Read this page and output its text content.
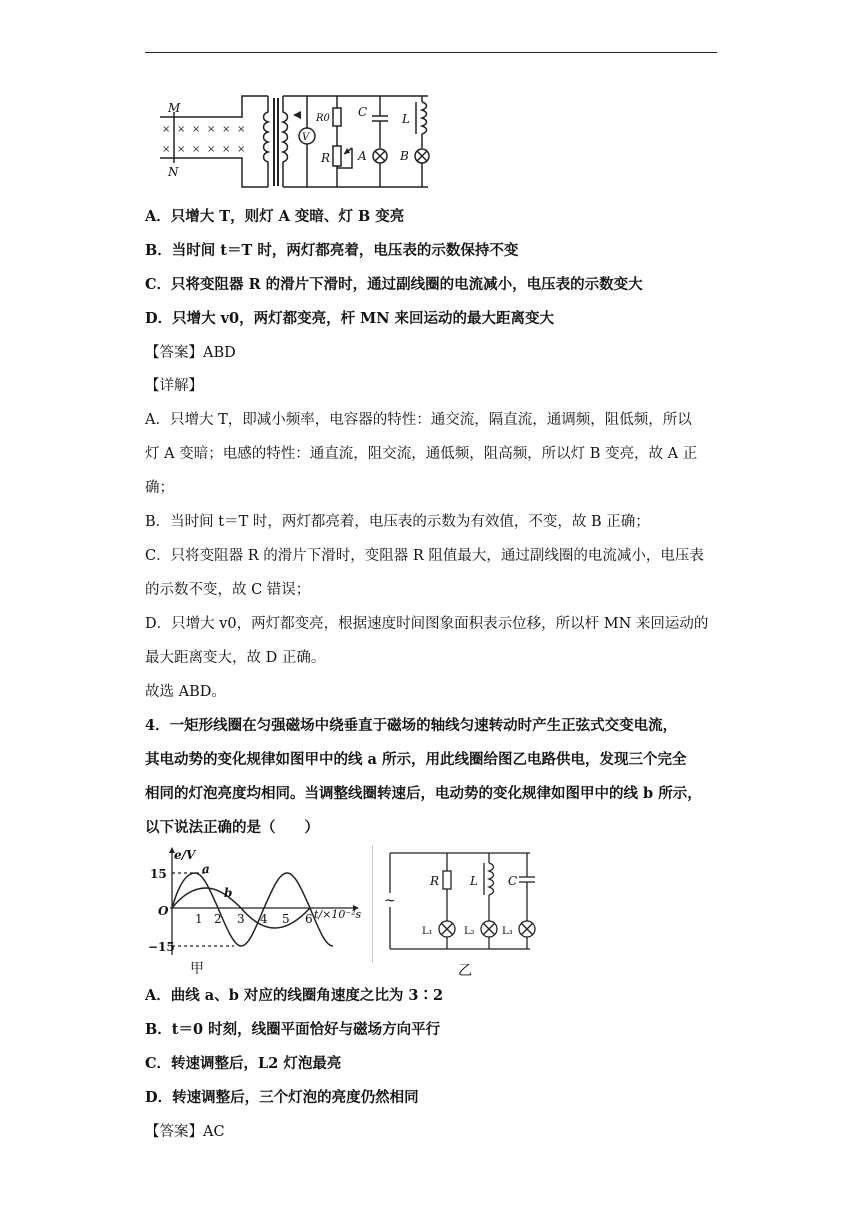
× × × × × ×
× × × × × ×
M
N
V
R0
R
C
A
L
B
A．只增大 T，则灯 A 变暗、灯 B 变亮
B．当时间 t＝T 时，两灯都亮着，电压表的示数保持不变
C．只将变阻器 R 的滑片下滑时，通过副线圈的电流减小，电压表的示数变大
D．只增大 v0，两灯都变亮，杆 MN 来回运动的最大距离变大
【答案】ABD
【详解】
A．只增大 T，即减小频率，电容器的特性：通交流，隔直流，通调频，阻低频，所以
灯 A 变暗；电感的特性：通直流，阻交流，通低频，阻高频，所以灯 B 变亮，故 A 正
确；
B．当时间 t＝T 时，两灯都亮着，电压表的示数为有效值，不变，故 B 正确；
C．只将变阻器 R 的滑片下滑时，变阻器 R 阻值最大，通过副线圈的电流减小，电压表
的示数不变，故 C 错误；
D．只增大 v0，两灯都变亮，根据速度时间图象面积表示位移，所以杆 MN 来回运动的
最大距离变大，故 D 正确。
故选 ABD。
4．一矩形线圈在匀强磁场中绕垂直于磁场的轴线匀速转动时产生正弦式交变电流，
其电动势的变化规律如图甲中的线 a 所示，用此线圈给图乙电路供电，发现三个完全
相同的灯泡亮度均相同。当调整线圈转速后，电动势的变化规律如图甲中的线 b 所示，
以下说法正确的是（　　）
e/V
15
−15
O
1 2 3 4 5 6 t/×10⁻²s
a
b
甲
~
R	L	C
L₁	L₂	L₃
乙
A．曲线 a、b 对应的线圈角速度之比为 3∶2
B．t＝0 时刻，线圈平面恰好与磁场方向平行
C．转速调整后，L2 灯泡最亮
D．转速调整后，三个灯泡的亮度仍然相同
【答案】AC
